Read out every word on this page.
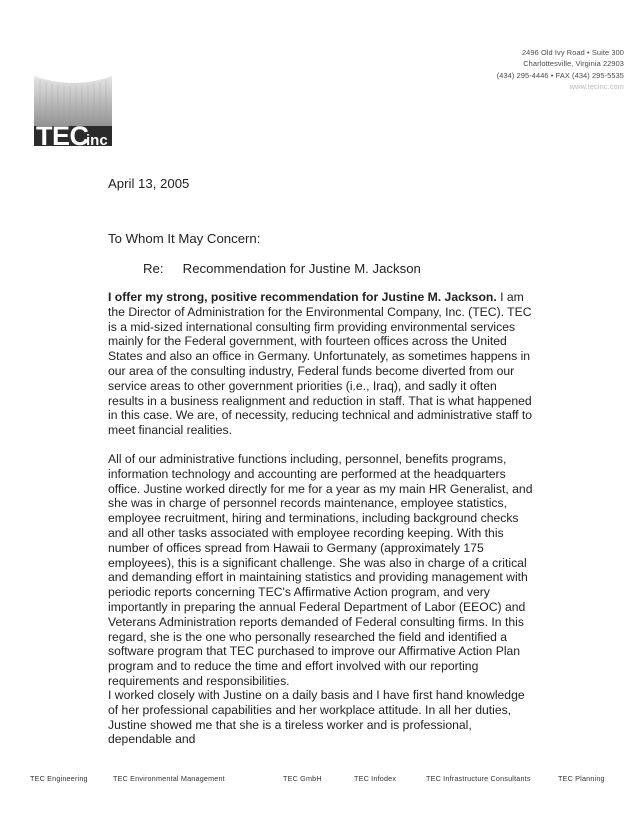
TEC
inc
2496 Old Ivy Road • Suite 300
Charlottesville, Virginia 22903
(434) 295-4446 • FAX (434) 295-5535
www.tecinc.com
April 13, 2005
To Whom It May Concern:
Re: Recommendation for Justine M. Jackson
I offer my strong, positive recommendation for Justine M. Jackson. I am the Director of Administration for the Environmental Company, Inc. (TEC). TEC is a mid-sized international consulting firm providing environmental services mainly for the Federal government, with fourteen offices across the United States and also an office in Germany. Unfortunately, as sometimes happens in our area of the consulting industry, Federal funds become diverted from our service areas to other government priorities (i.e., Iraq), and sadly it often results in a business realignment and reduction in staff. That is what happened in this case. We are, of necessity, reducing technical and administrative staff to meet financial realities.
All of our administrative functions including, personnel, benefits programs, information technology and accounting are performed at the headquarters office. Justine worked directly for me for a year as my main HR Generalist, and she was in charge of personnel records maintenance, employee statistics, employee recruitment, hiring and terminations, including background checks and all other tasks associated with employee recording keeping. With this number of offices spread from Hawaii to Germany (approximately 175 employees), this is a significant challenge. She was also in charge of a critical and demanding effort in maintaining statistics and providing management with periodic reports concerning TEC's Affirmative Action program, and very importantly in preparing the annual Federal Department of Labor (EEOC) and Veterans Administration reports demanded of Federal consulting firms. In this regard, she is the one who personally researched the field and identified a software program that TEC purchased to improve our Affirmative Action Plan program and to reduce the time and effort involved with our reporting requirements and responsibilities.
I worked closely with Justine on a daily basis and I have first hand knowledge of her professional capabilities and her workplace attitude. In all her duties, Justine showed me that she is a tireless worker and is professional, dependable and
TEC Engineering	TEC Environmental Management	TEC GmbH	TEC Infodex	TEC Infrastructure Consultants	TEC Planning
